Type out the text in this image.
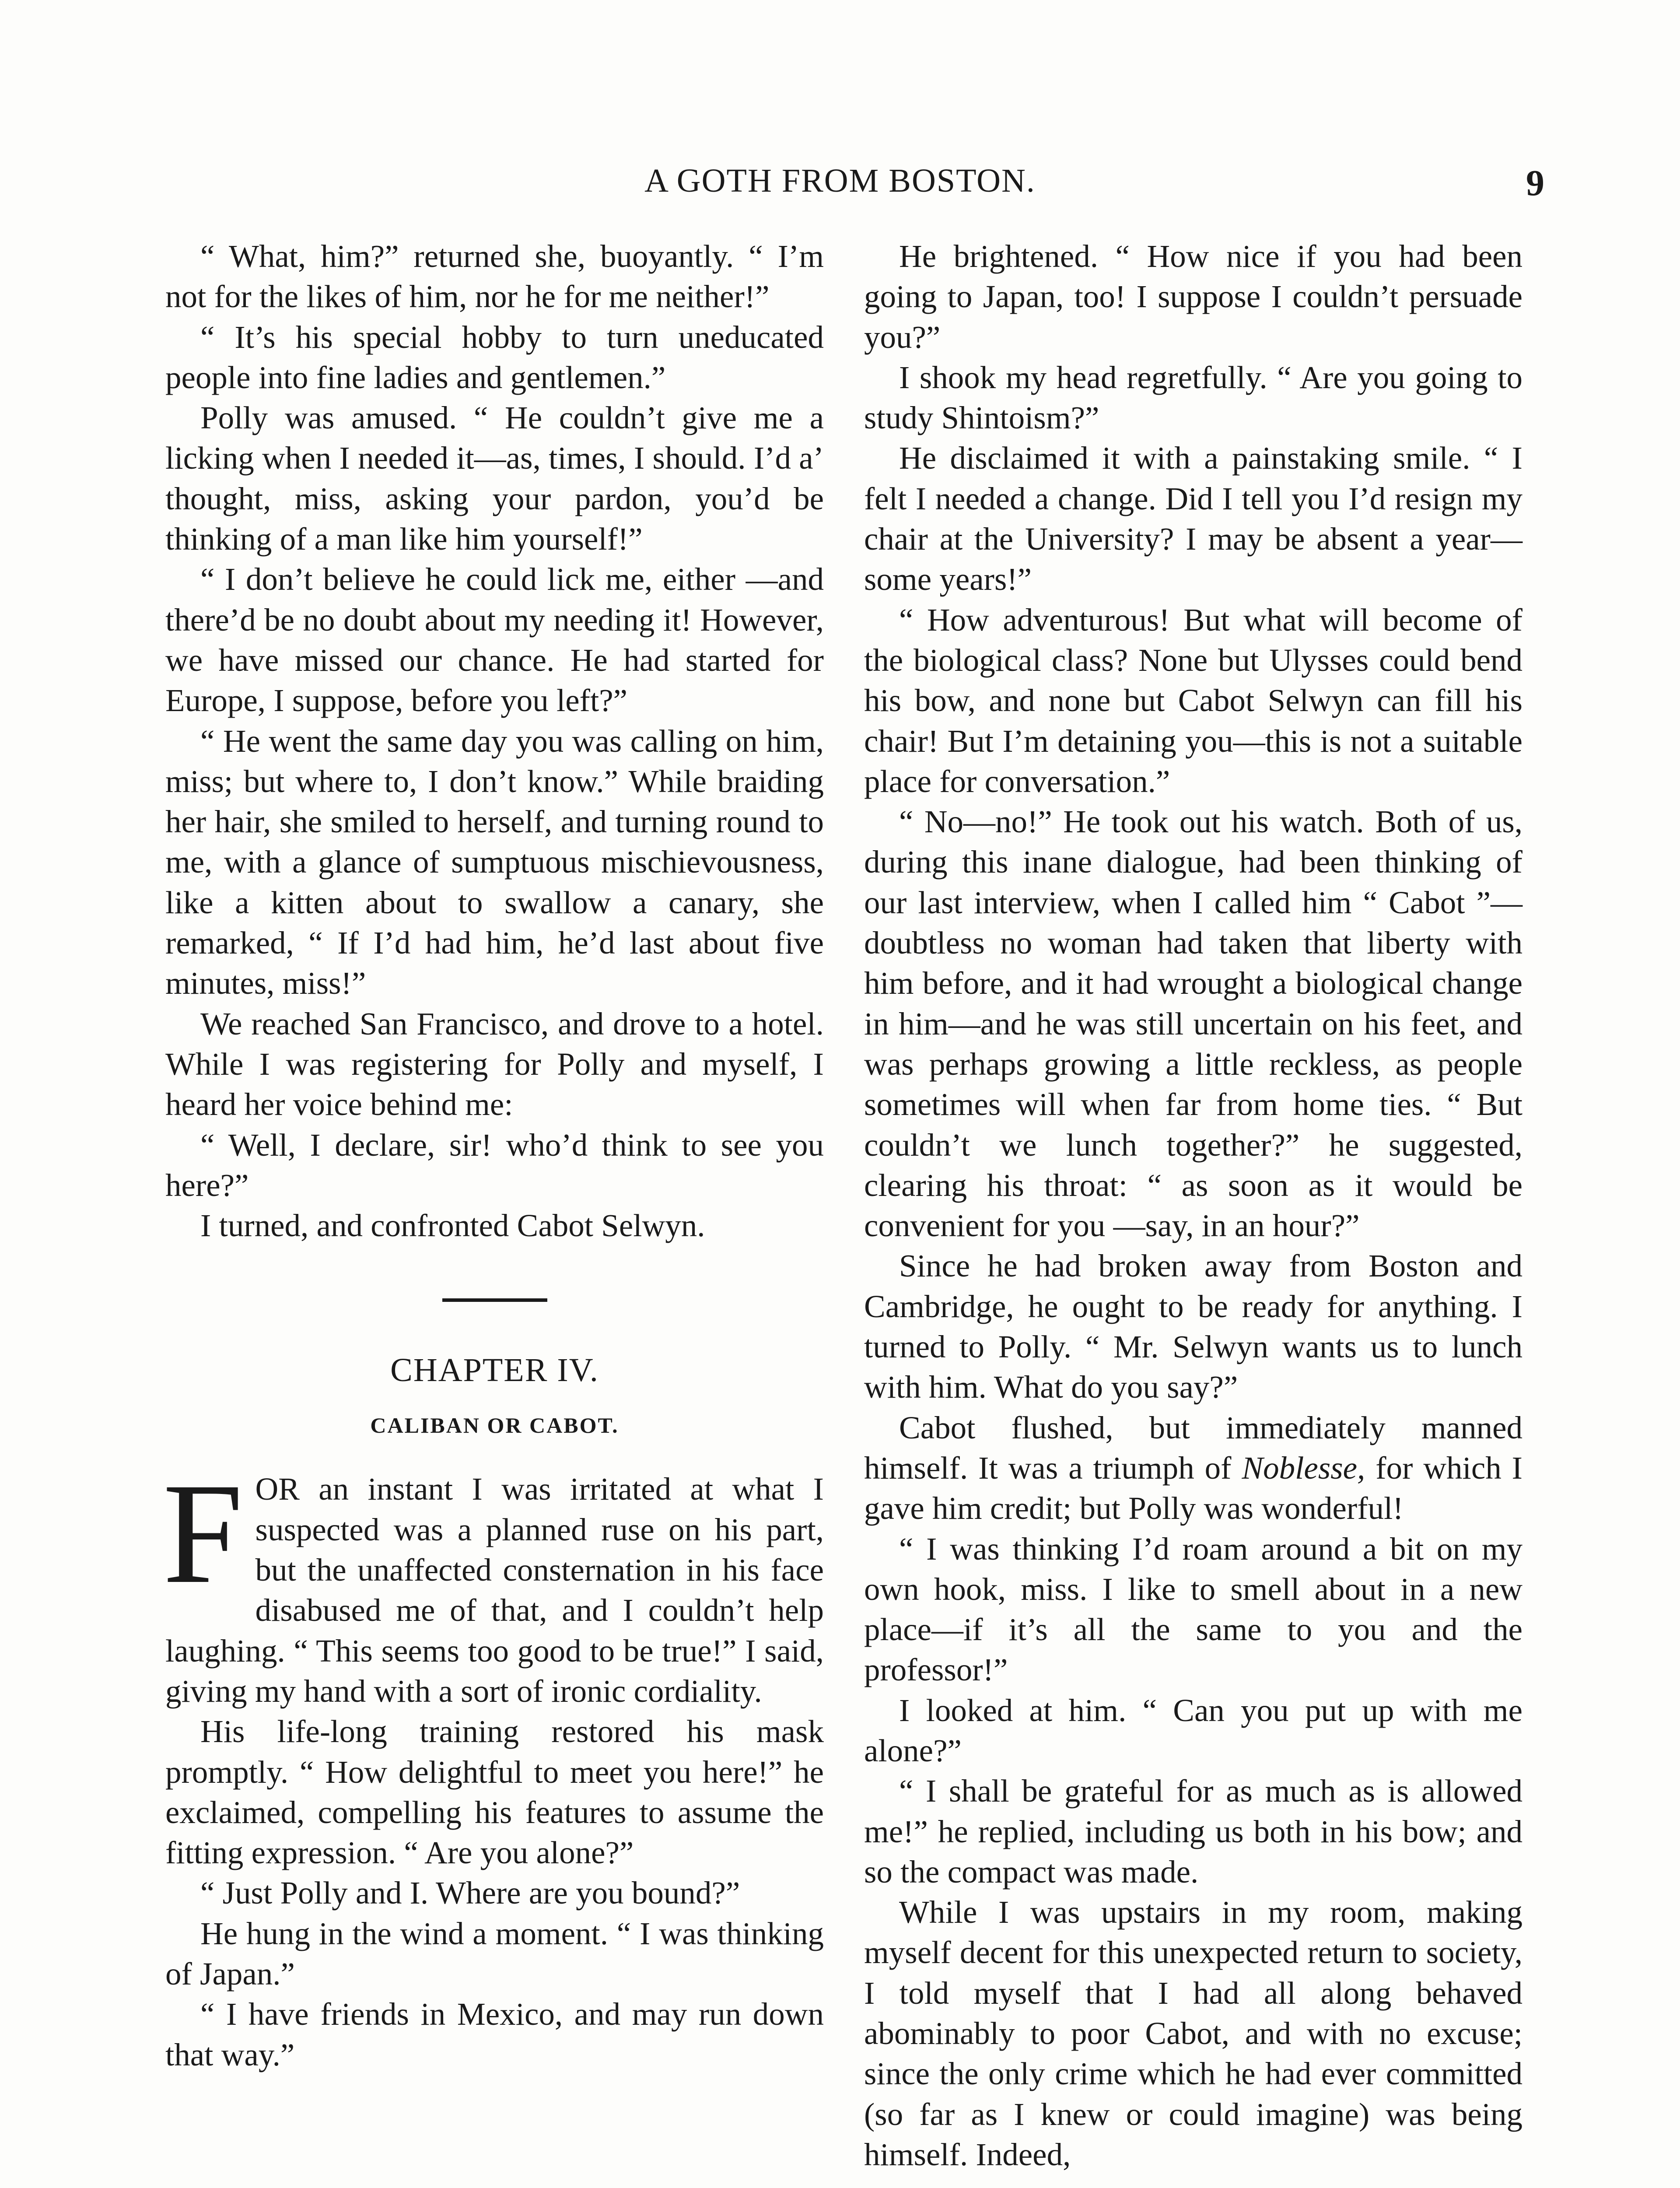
A GOTH FROM BOSTON.	9

“ What, him?” returned she, buoyantly. “ I’m not for the likes of him, nor he for me neither!”

“ It’s his special hobby to turn uneducated people into fine ladies and gentlemen.”

Polly was amused. “ He couldn’t give me a licking when I needed it—as, times, I should. I’d a’ thought, miss, asking your pardon, you’d be thinking of a man like him yourself!”

“ I don’t believe he could lick me, either —and there’d be no doubt about my needing it! However, we have missed our chance. He had started for Europe, I suppose, before you left?”

“ He went the same day you was calling on him, miss; but where to, I don’t know.” While braiding her hair, she smiled to herself, and turning round to me, with a glance of sumptuous mischievousness, like a kitten about to swallow a canary, she remarked, “ If I’d had him, he’d last about five minutes, miss!”

We reached San Francisco, and drove to a hotel. While I was registering for Polly and myself, I heard her voice behind me:

“ Well, I declare, sir! who’d think to see you here?”

I turned, and confronted Cabot Selwyn.

CHAPTER IV.
CALIBAN OR CABOT.

FOR an instant I was irritated at what I suspected was a planned ruse on his part, but the unaffected consternation in his face disabused me of that, and I couldn’t help laughing. “ This seems too good to be true!” I said, giving my hand with a sort of ironic cordiality.

His life-long training restored his mask promptly. “ How delightful to meet you here!” he exclaimed, compelling his features to assume the fitting expression. “ Are you alone?”

“ Just Polly and I. Where are you bound?”

He hung in the wind a moment. “ I was thinking of Japan.”

“ I have friends in Mexico, and may run down that way.”

He brightened. “ How nice if you had been going to Japan, too! I suppose I couldn’t persuade you?”

I shook my head regretfully. “ Are you going to study Shintoism?”

He disclaimed it with a painstaking smile. “ I felt I needed a change. Did I tell you I’d resign my chair at the University? I may be absent a year—some years!”

“ How adventurous! But what will become of the biological class? None but Ulysses could bend his bow, and none but Cabot Selwyn can fill his chair! But I’m detaining you—this is not a suitable place for conversation.”

“ No—no!” He took out his watch. Both of us, during this inane dialogue, had been thinking of our last interview, when I called him “ Cabot ”—doubtless no woman had taken that liberty with him before, and it had wrought a biological change in him—and he was still uncertain on his feet, and was perhaps growing a little reckless, as people sometimes will when far from home ties. “ But couldn’t we lunch together?” he suggested, clearing his throat: “ as soon as it would be convenient for you —say, in an hour?”

Since he had broken away from Boston and Cambridge, he ought to be ready for anything. I turned to Polly. “ Mr. Selwyn wants us to lunch with him. What do you say?”

Cabot flushed, but immediately manned himself. It was a triumph of Noblesse, for which I gave him credit; but Polly was wonderful!

“ I was thinking I’d roam around a bit on my own hook, miss. I like to smell about in a new place—if it’s all the same to you and the professor!”

I looked at him. “ Can you put up with me alone?”

“ I shall be grateful for as much as is allowed me!” he replied, including us both in his bow; and so the compact was made.

While I was upstairs in my room, making myself decent for this unexpected return to society, I told myself that I had all along behaved abominably to poor Cabot, and with no excuse; since the only crime which he had ever committed (so far as I knew or could imagine) was being himself. Indeed,
